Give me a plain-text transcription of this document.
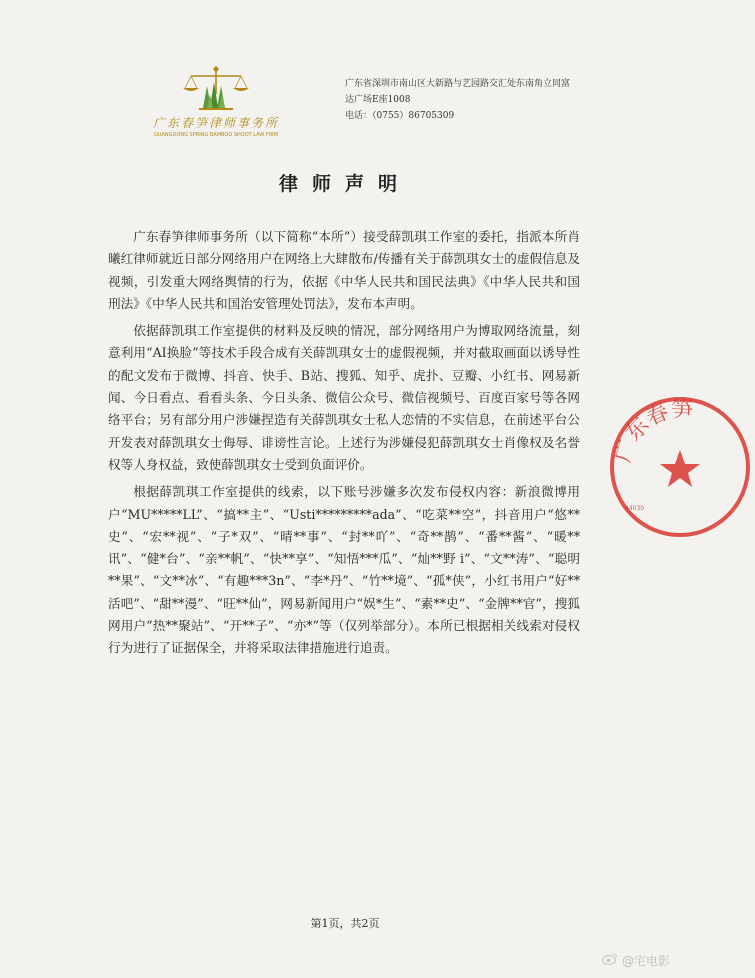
广东春笋律师事务所
GUANGDONG SPRING BAMBOO SHOOT LAW FIRM
广东省深圳市南山区大新路与艺园路交汇处东南角立同富
达广场E座1008
电话：（0755）86705309
律师声明

广东春笋律师事务所（以下简称“本所”）接受薛凯琪工作室的委托，指派本所肖曦红律师就近日部分网络用户在网络上大肆散布/传播有关于薛凯琪女士的虚假信息及视频，引发重大网络舆情的行为，依据《中华人民共和国民法典》《中华人民共和国刑法》《中华人民共和国治安管理处罚法》，发布本声明。

依据薛凯琪工作室提供的材料及反映的情况，部分网络用户为博取网络流量，刻意利用“AI换脸”等技术手段合成有关薛凯琪女士的虚假视频，并对截取画面以诱导性的配文发布于微博、抖音、快手、B站、搜狐、知乎、虎扑、豆瓣、小红书、网易新闻、今日看点、看看头条、今日头条、微信公众号、微信视频号、百度百家号等各网络平台；另有部分用户涉嫌捏造有关薛凯琪女士私人恋情的不实信息，在前述平台公开发表对薛凯琪女士侮辱、诽谤性言论。上述行为涉嫌侵犯薛凯琪女士肖像权及名誉权等人身权益，致使薛凯琪女士受到负面评价。

根据薛凯琪工作室提供的线索，以下账号涉嫌多次发布侵权内容：新浪微博用户“MU*****LL”、“搞**主”、“Usti*********ada”、“吃菜**空”，抖音用户“悠**史”、“宏**视”、“子*双”、“晴**事”、“封**吖”、“奇**鹊”、“番**酱”、“暖**讯”、“健*台”、“亲**帆”、“快**享”、“知悟***瓜”、“灿**野 i”、“文**涛”、“聪明**果”、“文**冰”、“有趣***3n”、“李*丹”、“竹**境”、“孤*侠”，小红书用户“好**活吧”、“甜**漫”、“旺**仙”，网易新闻用户“娱*生”、“素**史”、“金牌**官”，搜狐网用户“热**聚站”、“开**子”、“亦*”等（仅列举部分）。本所已根据相关线索对侵权行为进行了证据保全，并将采取法律措施进行追责。

广东春笋
44030
第1页，共2页
@宅电影
